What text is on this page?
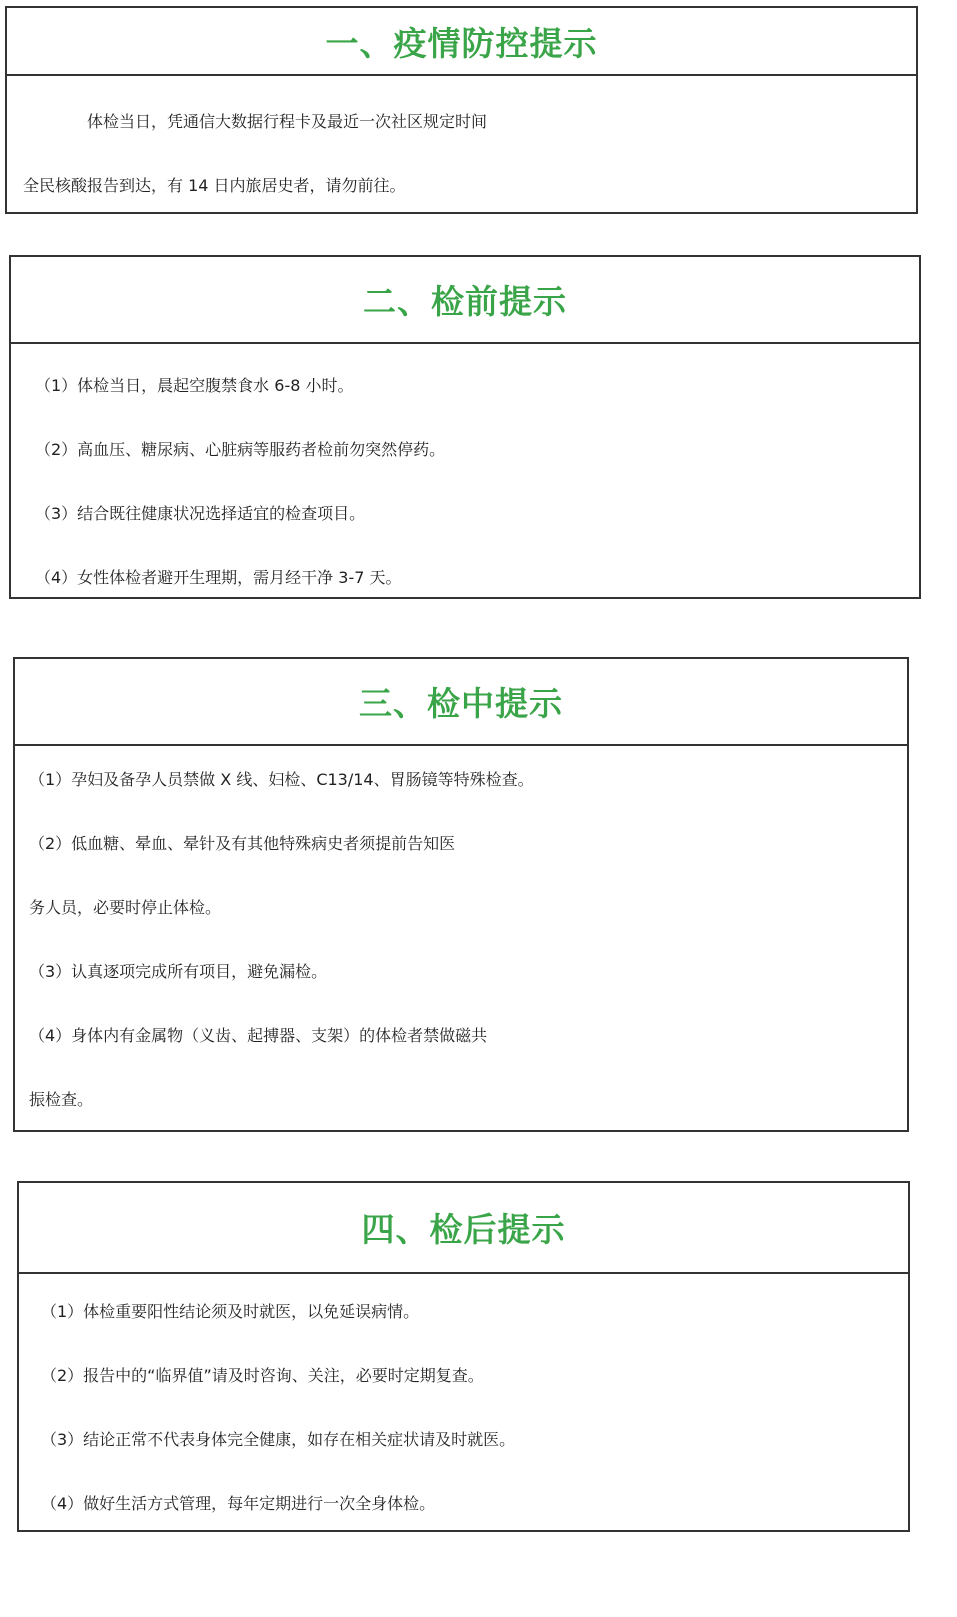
一、疫情防控提示
体检当日，凭通信大数据行程卡及最近一次社区规定时间
全民核酸报告到达，有 14 日内旅居史者，请勿前往。
二、检前提示
（1）体检当日，晨起空腹禁食水 6-8 小时。
（2）高血压、糖尿病、心脏病等服药者检前勿突然停药。
（3）结合既往健康状况选择适宜的检查项目。
（4）女性体检者避开生理期，需月经干净 3-7 天。
三、检中提示
（1）孕妇及备孕人员禁做 X 线、妇检、C13/14、胃肠镜等特殊检查。
（2）低血糖、晕血、晕针及有其他特殊病史者须提前告知医
务人员，必要时停止体检。
（3）认真逐项完成所有项目，避免漏检。
（4）身体内有金属物（义齿、起搏器、支架）的体检者禁做磁共
振检查。
四、检后提示
（1）体检重要阳性结论须及时就医，以免延误病情。
（2）报告中的“临界值”请及时咨询、关注，必要时定期复查。
（3）结论正常不代表身体完全健康，如存在相关症状请及时就医。
（4）做好生活方式管理，每年定期进行一次全身体检。
